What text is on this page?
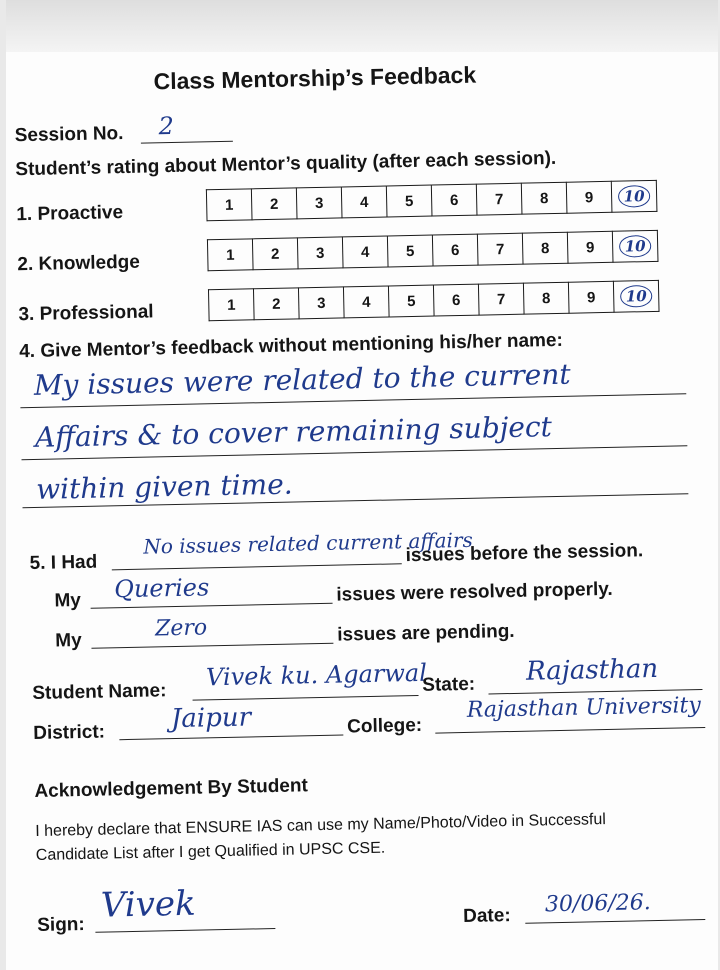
Class Mentorship’s Feedback
Session No. 2
Student’s rating about Mentor’s quality (after each session).
1. Proactive	1	2	3	4	5	6	7	8	9	10
2. Knowledge	1	2	3	4	5	6	7	8	9	10
3. Professional	1	2	3	4	5	6	7	8	9	10
4. Give Mentor’s feedback without mentioning his/her name:
My issues were related to the current
Affairs & to cover remaining subject
within given time.
5. I Had
No issues related current affairs
issues before the session.
My Queries	issues were resolved properly.
My	Zero	issues are pending.
Student Name:
Vivek ku. Agarwal
State: Rajasthan
District:	Jaipur	College:
Rajasthan University
Acknowledgement By Student
I hereby declare that ENSURE IAS can use my Name/Photo/Video in Successful
Candidate List after I get Qualified in UPSC CSE.
Sign: Vivek	Date: 30/06/26.
